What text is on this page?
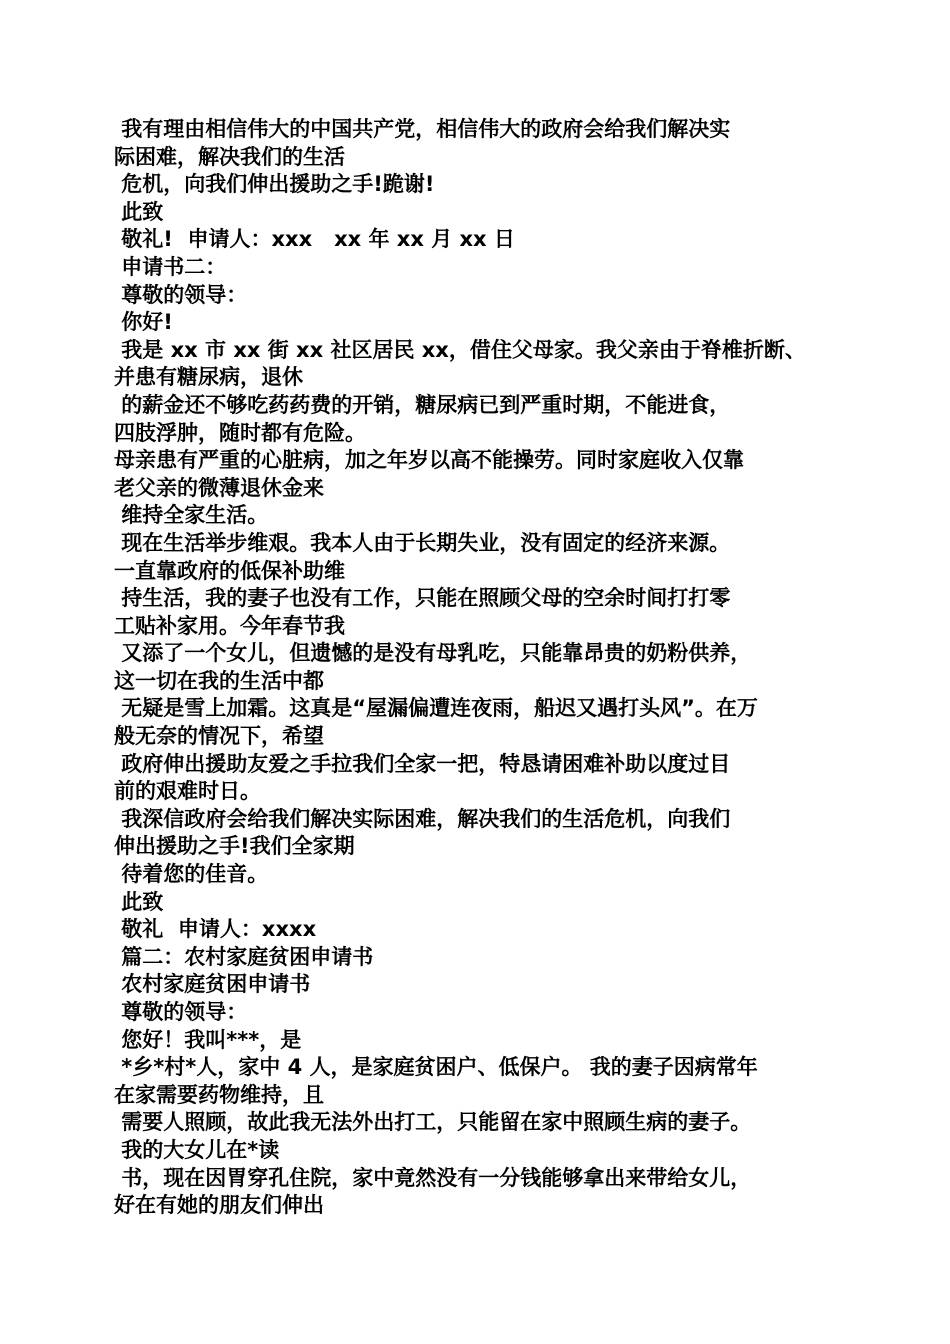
我有理由相信伟大的中国共产党，相信伟大的政府会给我们解决实
际困难，解决我们的生活
危机，向我们伸出援助之手!跪谢!
此致
敬礼!  申请人：xxx   xx 年 xx 月 xx 日
申请书二：
尊敬的领导：
你好!
我是 xx 市 xx 街 xx 社区居民 xx，借住父母家。我父亲由于脊椎折断、
并患有糖尿病，退休
的薪金还不够吃药药费的开销，糖尿病已到严重时期，不能进食，
四肢浮肿，随时都有危险。
母亲患有严重的心脏病，加之年岁以高不能操劳。同时家庭收入仅靠
老父亲的微薄退休金来
维持全家生活。
现在生活举步维艰。我本人由于长期失业，没有固定的经济来源。
一直靠政府的低保补助维
持生活，我的妻子也没有工作，只能在照顾父母的空余时间打打零
工贴补家用。今年春节我
又添了一个女儿，但遗憾的是没有母乳吃，只能靠昂贵的奶粉供养，
这一切在我的生活中都
无疑是雪上加霜。这真是“屋漏偏遭连夜雨，船迟又遇打头风”。在万
般无奈的情况下，希望
政府伸出援助友爱之手拉我们全家一把，特恳请困难补助以度过目
前的艰难时日。
我深信政府会给我们解决实际困难，解决我们的生活危机，向我们
伸出援助之手!我们全家期
待着您的佳音。
此致
敬礼  申请人：xxxx
篇二：农村家庭贫困申请书
农村家庭贫困申请书
尊敬的领导：
您好！我叫***，是
*乡*村*人，家中 4 人，是家庭贫困户、低保户。 我的妻子因病常年
在家需要药物维持，且
需要人照顾，故此我无法外出打工，只能留在家中照顾生病的妻子。
我的大女儿在*读
书，现在因胃穿孔住院，家中竟然没有一分钱能够拿出来带给女儿，
好在有她的朋友们伸出
